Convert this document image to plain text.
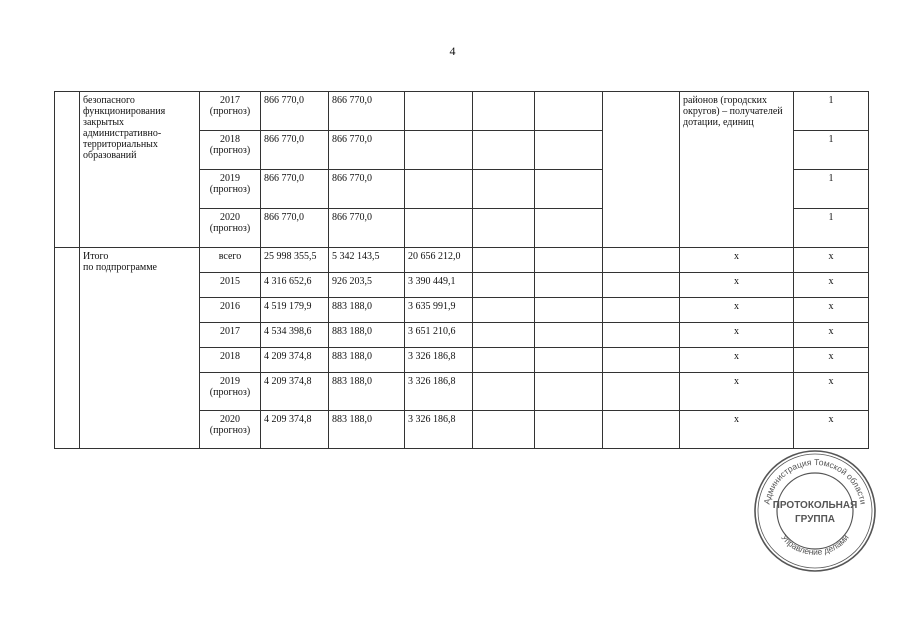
4
	безопасного функционирования закрытых административно-территориальных образований	2017
(прогноз)	866 770,0	866 770,0					районов (городских округов) – получателей дотации, единиц	1
		2018
(прогноз)	866 770,0	866 770,0						1
		2019
(прогноз)	866 770,0	866 770,0						1
		2020
(прогноз)	866 770,0	866 770,0						1
	Итого
по подпрограмме	всего	25 998 355,5	5 342 143,5	20 656 212,0				x	x
		2015	4 316 652,6	926 203,5	3 390 449,1				x	x
		2016	4 519 179,9	883 188,0	3 635 991,9				x	x
		2017	4 534 398,6	883 188,0	3 651 210,6				x	x
		2018	4 209 374,8	883 188,0	3 326 186,8				x	x
		2019
(прогноз)	4 209 374,8	883 188,0	3 326 186,8				x	x
		2020
(прогноз)	4 209 374,8	883 188,0	3 326 186,8				x	x
Администрация Томской области
Управление делами
ПРОТОКОЛЬНАЯ
ГРУППА
